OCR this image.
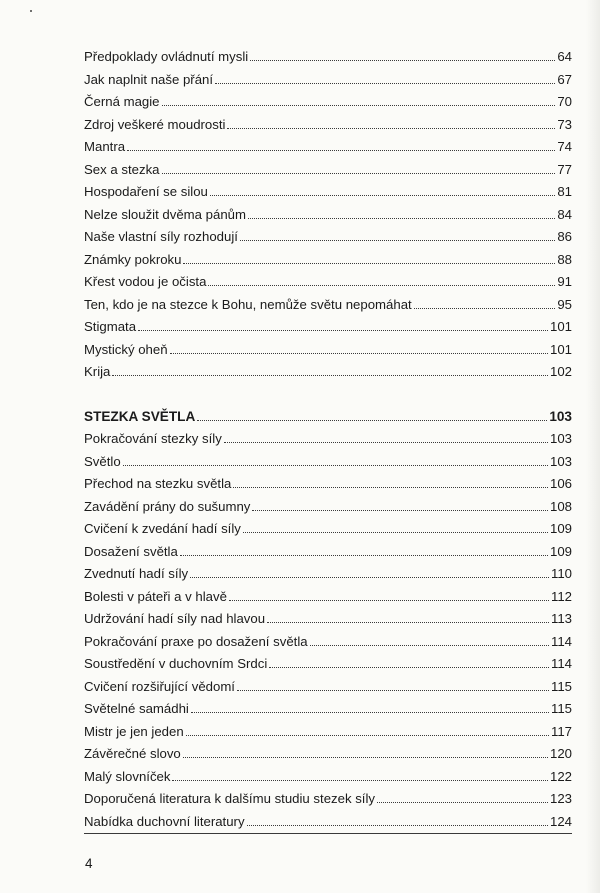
Předpoklady ovládnutí mysli	64
Jak naplnit naše přání	67
Černá magie	70
Zdroj veškeré moudrosti	73
Mantra	74
Sex a stezka	77
Hospodaření se silou	81
Nelze sloužit dvěma pánům	84
Naše vlastní síly rozhodují	86
Známky pokroku	88
Křest vodou je očista	91
Ten, kdo je na stezce k Bohu, nemůže světu nepomáhat	95
Stigmata	101
Mystický oheň	101
Krija	102
STEZKA SVĚTLA	103
Pokračování stezky síly	103
Světlo	103
Přechod na stezku světla	106
Zavádění prány do sušumny	108
Cvičení k zvedání hadí síly	109
Dosažení světla	109
Zvednutí hadí síly	110
Bolesti v páteři a v hlavě	112
Udržování hadí síly nad hlavou	113
Pokračování praxe po dosažení světla	114
Soustředění v duchovním Srdci	114
Cvičení rozšiřující vědomí	115
Světelné samádhi	115
Mistr je jen jeden	117
Závěrečné slovo	120
Malý slovníček	122
Doporučená literatura k dalšímu studiu stezek síly	123
Nabídka duchovní literatury	124
4
